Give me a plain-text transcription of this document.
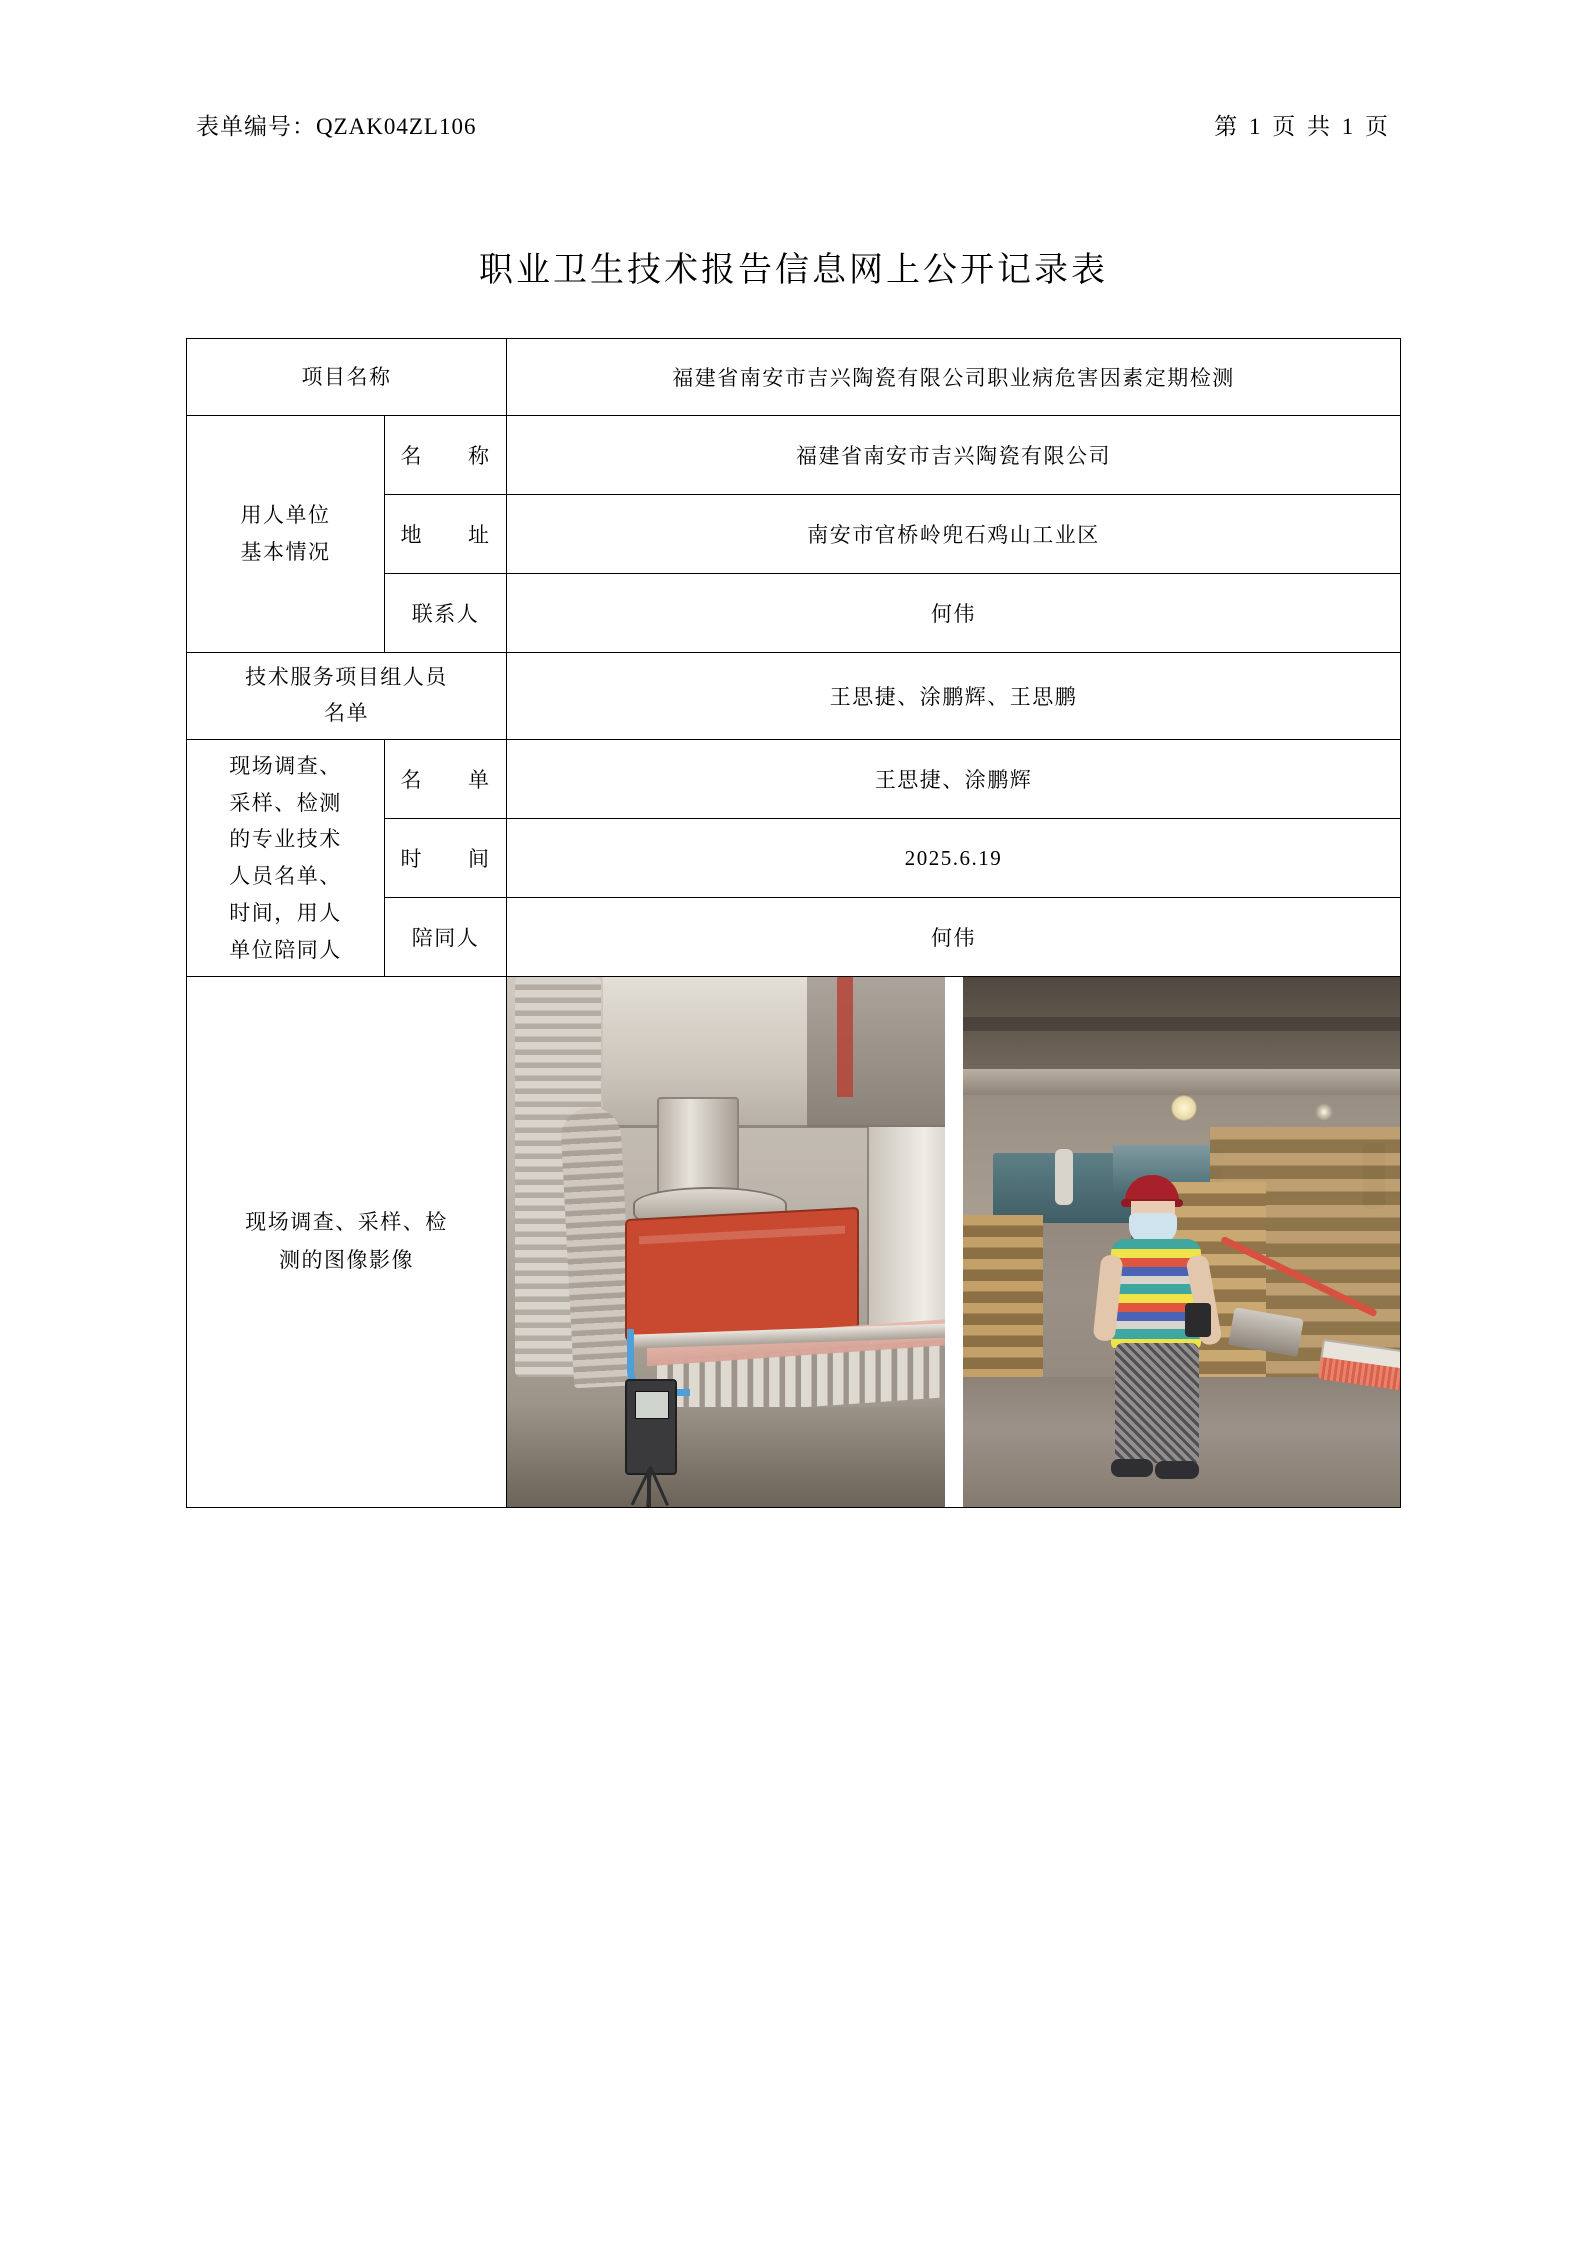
表单编号：QZAK04ZL106	第 1 页 共 1 页
职业卫生技术报告信息网上公开记录表
项目名称		福建省南安市吉兴陶瓷有限公司职业病危害因素定期检测

用人单位
基本情况	名　　称	福建省南安市吉兴陶瓷有限公司
	地　　址	南安市官桥岭兜石鸡山工业区
	联系人	何伟

技术服务项目组人员
名单		王思捷、涂鹏辉、王思鹏

现场调查、
采样、检测
的专业技术
人员名单、
时间，用人
单位陪同人
	名　　单	王思捷、涂鹏辉
	时　　间	2025.6.19
	陪同人	何伟

现场调查、采样、检
测的图像影像		
